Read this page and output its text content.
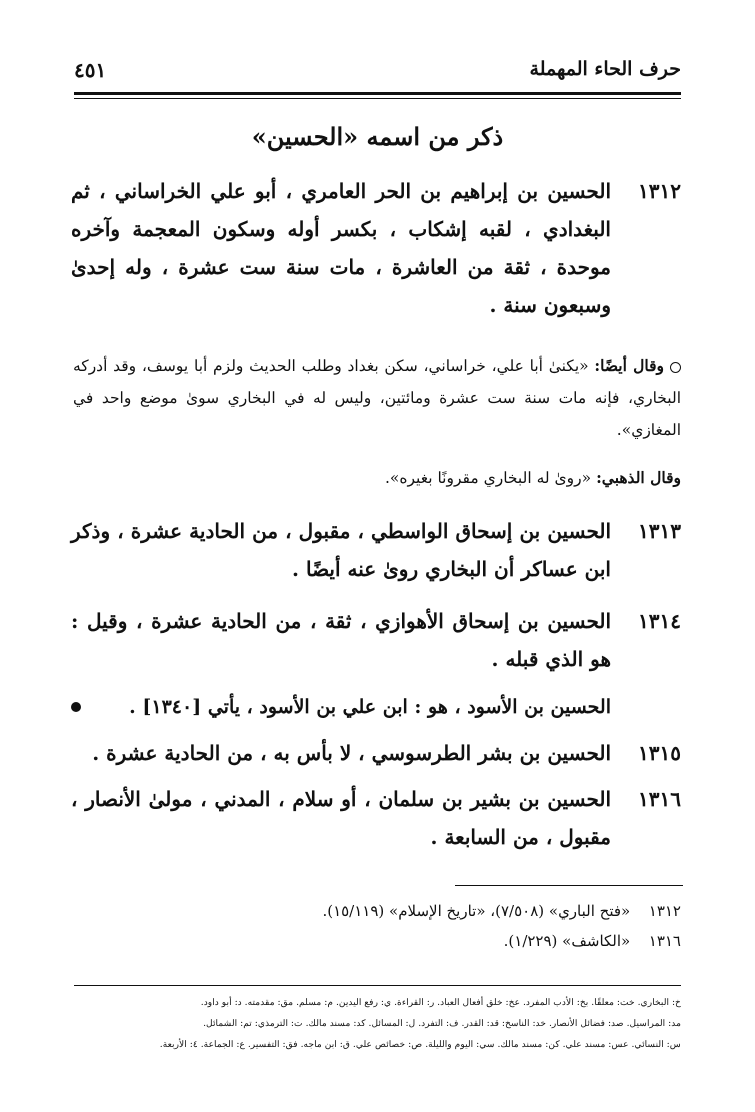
حرف الحاء المهملة
٤٥١
ذكر من اسمه «الحسين»
١٣١٢
الحسين بن إبراهيم بن الحر العامري ، أبو علي الخراساني ، ثم البغدادي ، لقبه إشكاب ، بكسر أوله وسكون المعجمة وآخره موحدة ، ثقة من العاشرة ، مات سنة ست عشرة ، وله إحدىٰ وسبعون سنة .
وقال أيضًا: «يكنىٰ أبا علي، خراساني، سكن بغداد وطلب الحديث ولزم أبا يوسف، وقد أدركه البخاري، فإنه مات سنة ست عشرة ومائتين، وليس له في البخاري سوىٰ موضع واحد في المغازي».
وقال الذهبي: «روىٰ له البخاري مقرونًا بغيره».
١٣١٣
الحسين بن إسحاق الواسطي ، مقبول ، من الحادية عشرة ، وذكر ابن عساكر أن البخاري روىٰ عنه أيضًا .
١٣١٤
الحسين بن إسحاق الأهوازي ، ثقة ، من الحادية عشرة ، وقيل : هو الذي قبله .
الحسين بن الأسود ، هو : ابن علي بن الأسود ، يأتي [١٣٤٠] .
١٣١٥
الحسين بن بشر الطرسوسي ، لا بأس به ، من الحادية عشرة .
١٣١٦
الحسين بن بشير بن سلمان ، أو سلام ، المدني ، مولىٰ الأنصار ، مقبول ، من السابعة .
١٣١٢ «فتح الباري» (٧/٥٠٨)، «تاريخ الإسلام» (١٥/١١٩).
١٣١٦ «الكاشف» (١/٢٢٩).
خ: البخاري. خت: معلقًا. بخ: الأدب المفرد. عخ: خلق أفعال العباد. ر: القراءة. ي: رفع اليدين. م: مسلم. مق: مقدمته. د: أبو داود.
مد: المراسيل. صد: فضائل الأنصار. خد: الناسخ: قد: القدر. ف: التفرد. ل: المسائل. كد: مسند مالك. ت: الترمذي: تم: الشمائل.
س: النسائي. عس: مسند علي. كن: مسند مالك. سي: اليوم والليلة. ص: خصائص علي. ق: ابن ماجه. فق: التفسير. ع: الجماعة. ٤: الأربعة.
